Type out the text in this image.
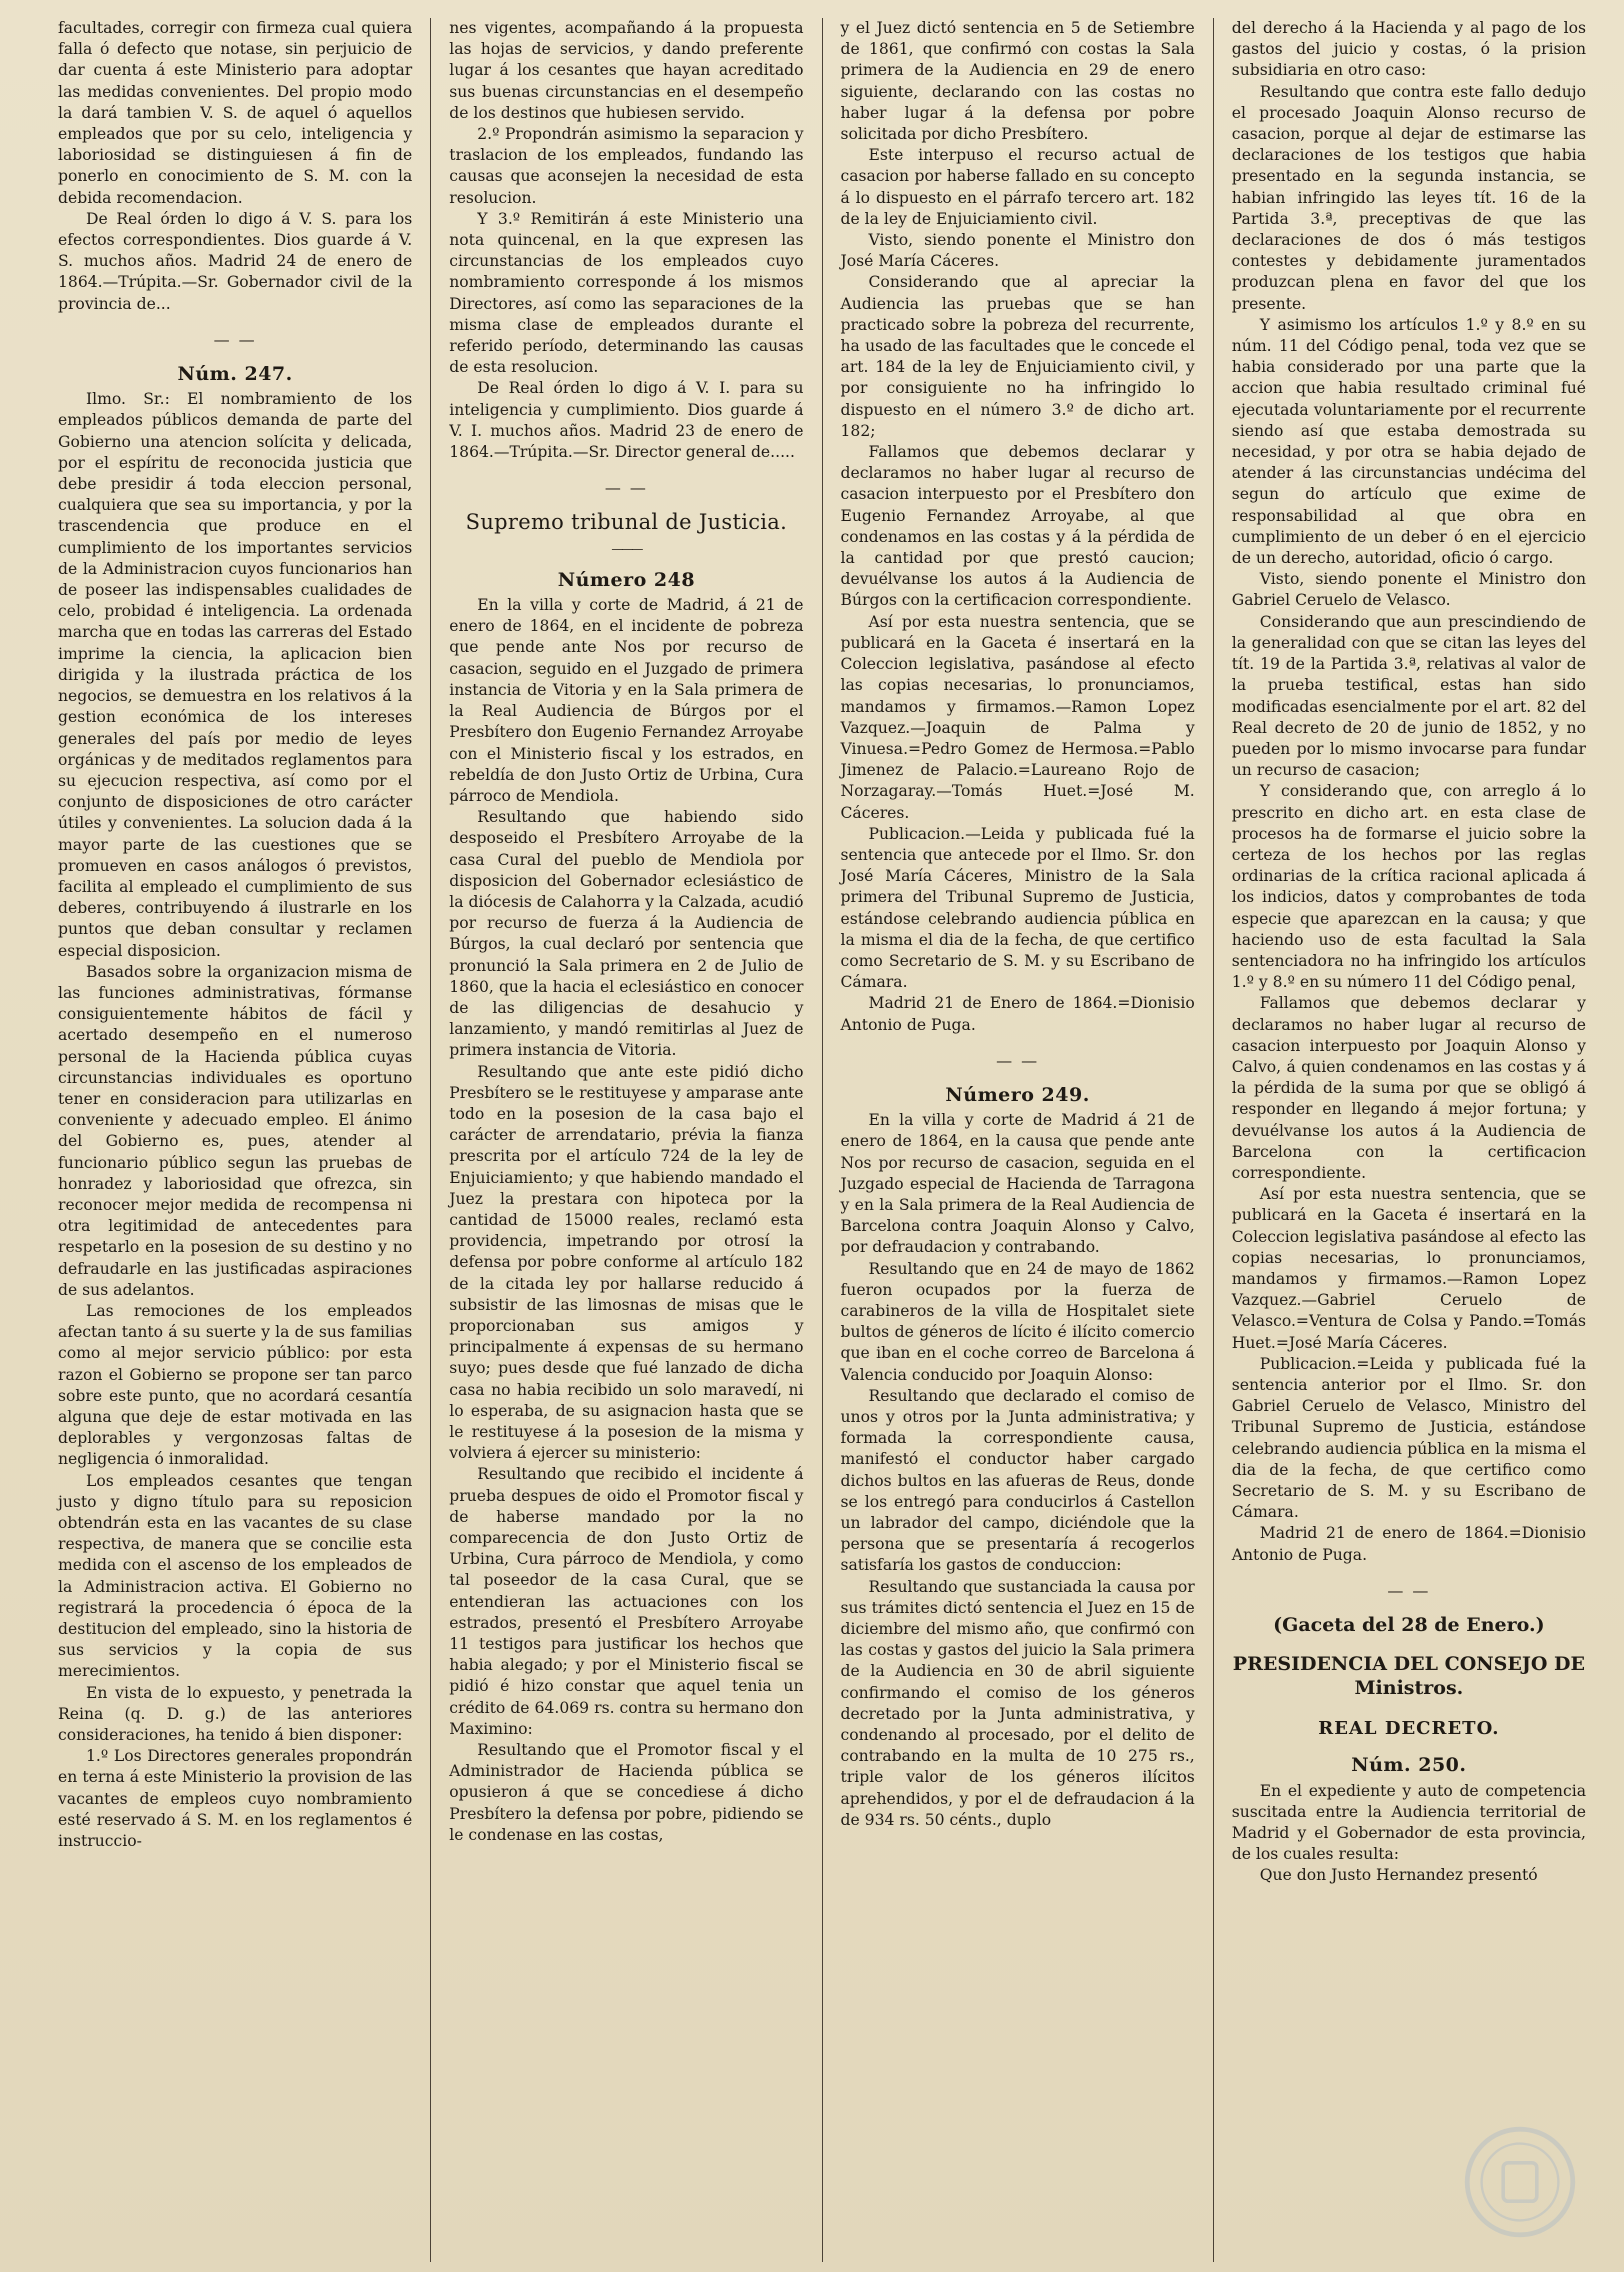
facultades, corregir con firmeza cual quiera falla ó defecto que notase, sin perjuicio de dar cuenta á este Ministerio para adoptar las medidas convenientes. Del propio modo la dará tambien V. S. de aquel ó aquellos empleados que por su celo, inteligencia y laboriosidad se distinguiesen á fin de ponerlo en conocimiento de S. M. con la debida recomendacion.

De Real órden lo digo á V. S. para los efectos correspondientes. Dios guarde á V. S. muchos años. Madrid 24 de enero de 1864.—Trúpita.—Sr. Gobernador civil de la provincia de...

— —
Núm. 247.

Ilmo. Sr.: El nombramiento de los empleados públicos demanda de parte del Gobierno una atencion solícita y delicada, por el espíritu de reconocida justicia que debe presidir á toda eleccion personal, cualquiera que sea su importancia, y por la trascendencia que produce en el cumplimiento de los importantes servicios de la Administracion cuyos funcionarios han de poseer las indispensables cualidades de celo, probidad é inteligencia. La ordenada marcha que en todas las carreras del Estado imprime la ciencia, la aplicacion bien dirigida y la ilustrada práctica de los negocios, se demuestra en los relativos á la gestion económica de los intereses generales del país por medio de leyes orgánicas y de meditados reglamentos para su ejecucion respectiva, así como por el conjunto de disposiciones de otro carácter útiles y convenientes. La solucion dada á la mayor parte de las cuestiones que se promueven en casos análogos ó previstos, facilita al empleado el cumplimiento de sus deberes, contribuyendo á ilustrarle en los puntos que deban consultar y reclamen especial disposicion.

Basados sobre la organizacion misma de las funciones administrativas, fórmanse consiguientemente hábitos de fácil y acertado desempeño en el numeroso personal de la Hacienda pública cuyas circunstancias individuales es oportuno tener en consideracion para utilizarlas en conveniente y adecuado empleo. El ánimo del Gobierno es, pues, atender al funcionario público segun las pruebas de honradez y laboriosidad que ofrezca, sin reconocer mejor medida de recompensa ni otra legitimidad de antecedentes para respetarlo en la posesion de su destino y no defraudarle en las justificadas aspiraciones de sus adelantos.

Las remociones de los empleados afectan tanto á su suerte y la de sus familias como al mejor servicio público: por esta razon el Gobierno se propone ser tan parco sobre este punto, que no acordará cesantía alguna que deje de estar motivada en las deplorables y vergonzosas faltas de negligencia ó inmoralidad.

Los empleados cesantes que tengan justo y digno título para su reposicion obtendrán esta en las vacantes de su clase respectiva, de manera que se concilie esta medida con el ascenso de los empleados de la Administracion activa. El Gobierno no registrará la procedencia ó época de la destitucion del empleado, sino la historia de sus servicios y la copia de sus merecimientos.

En vista de lo expuesto, y penetrada la Reina (q. D. g.) de las anteriores consideraciones, ha tenido á bien disponer:

1.º Los Directores generales propondrán en terna á este Ministerio la provision de las vacantes de empleos cuyo nombramiento esté reservado á S. M. en los reglamentos é instruccio-

nes vigentes, acompañando á la propuesta las hojas de servicios, y dando preferente lugar á los cesantes que hayan acreditado sus buenas circunstancias en el desempeño de los destinos que hubiesen servido.

2.º Propondrán asimismo la separacion y traslacion de los empleados, fundando las causas que aconsejen la necesidad de esta resolucion.

Y 3.º Remitirán á este Ministerio una nota quincenal, en la que expresen las circunstancias de los empleados cuyo nombramiento corresponde á los mismos Directores, así como las separaciones de la misma clase de empleados durante el referido período, determinando las causas de esta resolucion.

De Real órden lo digo á V. I. para su inteligencia y cumplimiento. Dios guarde á V. I. muchos años. Madrid 23 de enero de 1864.—Trúpita.—Sr. Director general de.....

— —
Supremo tribunal de Justicia.
———
Número 248

En la villa y corte de Madrid, á 21 de enero de 1864, en el incidente de pobreza que pende ante Nos por recurso de casacion, seguido en el Juzgado de primera instancia de Vitoria y en la Sala primera de la Real Audiencia de Búrgos por el Presbítero don Eugenio Fernandez Arroyabe con el Ministerio fiscal y los estrados, en rebeldía de don Justo Ortiz de Urbina, Cura párroco de Mendiola.

Resultando que habiendo sido desposeido el Presbítero Arroyabe de la casa Cural del pueblo de Mendiola por disposicion del Gobernador eclesiástico de la diócesis de Calahorra y la Calzada, acudió por recurso de fuerza á la Audiencia de Búrgos, la cual declaró por sentencia que pronunció la Sala primera en 2 de Julio de 1860, que la hacia el eclesiástico en conocer de las diligencias de desahucio y lanzamiento, y mandó remitirlas al Juez de primera instancia de Vitoria.

Resultando que ante este pidió dicho Presbítero se le restituyese y amparase ante todo en la posesion de la casa bajo el carácter de arrendatario, prévia la fianza prescrita por el artículo 724 de la ley de Enjuiciamiento; y que habiendo mandado el Juez la prestara con hipoteca por la cantidad de 15000 reales, reclamó esta providencia, impetrando por otrosí la defensa por pobre conforme al artículo 182 de la citada ley por hallarse reducido á subsistir de las limosnas de misas que le proporcionaban sus amigos y principalmente á expensas de su hermano suyo; pues desde que fué lanzado de dicha casa no habia recibido un solo maravedí, ni lo esperaba, de su asignacion hasta que se le restituyese á la posesion de la misma y volviera á ejercer su ministerio:

Resultando que recibido el incidente á prueba despues de oido el Promotor fiscal y de haberse mandado por la no comparecencia de don Justo Ortiz de Urbina, Cura párroco de Mendiola, y como tal poseedor de la casa Cural, que se entendieran las actuaciones con los estrados, presentó el Presbítero Arroyabe 11 testigos para justificar los hechos que habia alegado; y por el Ministerio fiscal se pidió é hizo constar que aquel tenia un crédito de 64.069 rs. contra su hermano don Maximino:

Resultando que el Promotor fiscal y el Administrador de Hacienda pública se opusieron á que se concediese á dicho Presbítero la defensa por pobre, pidiendo se le condenase en las costas,

y el Juez dictó sentencia en 5 de Setiembre de 1861, que confirmó con costas la Sala primera de la Audiencia en 29 de enero siguiente, declarando con las costas no haber lugar á la defensa por pobre solicitada por dicho Presbítero.

Este interpuso el recurso actual de casacion por haberse fallado en su concepto á lo dispuesto en el párrafo tercero art. 182 de la ley de Enjuiciamiento civil.

Visto, siendo ponente el Ministro don José María Cáceres.

Considerando que al apreciar la Audiencia las pruebas que se han practicado sobre la pobreza del recurrente, ha usado de las facultades que le concede el art. 184 de la ley de Enjuiciamiento civil, y por consiguiente no ha infringido lo dispuesto en el número 3.º de dicho art. 182;

Fallamos que debemos declarar y declaramos no haber lugar al recurso de casacion interpuesto por el Presbítero don Eugenio Fernandez Arroyabe, al que condenamos en las costas y á la pérdida de la cantidad por que prestó caucion; devuélvanse los autos á la Audiencia de Búrgos con la certificacion correspondiente.

Así por esta nuestra sentencia, que se publicará en la Gaceta é insertará en la Coleccion legislativa, pasándose al efecto las copias necesarias, lo pronunciamos, mandamos y firmamos.—Ramon Lopez Vazquez.—Joaquin de Palma y Vinuesa.=Pedro Gomez de Hermosa.=Pablo Jimenez de Palacio.=Laureano Rojo de Norzagaray.—Tomás Huet.=José M. Cáceres.

Publicacion.—Leida y publicada fué la sentencia que antecede por el Ilmo. Sr. don José María Cáceres, Ministro de la Sala primera del Tribunal Supremo de Justicia, estándose celebrando audiencia pública en la misma el dia de la fecha, de que certifico como Secretario de S. M. y su Escribano de Cámara.

Madrid 21 de Enero de 1864.=Dionisio Antonio de Puga.

— —
Número 249.

En la villa y corte de Madrid á 21 de enero de 1864, en la causa que pende ante Nos por recurso de casacion, seguida en el Juzgado especial de Hacienda de Tarragona y en la Sala primera de la Real Audiencia de Barcelona contra Joaquin Alonso y Calvo, por defraudacion y contrabando.

Resultando que en 24 de mayo de 1862 fueron ocupados por la fuerza de carabineros de la villa de Hospitalet siete bultos de géneros de lícito é ilícito comercio que iban en el coche correo de Barcelona á Valencia conducido por Joaquin Alonso:

Resultando que declarado el comiso de unos y otros por la Junta administrativa; y formada la correspondiente causa, manifestó el conductor haber cargado dichos bultos en las afueras de Reus, donde se los entregó para conducirlos á Castellon un labrador del campo, diciéndole que la persona que se presentaría á recogerlos satisfaría los gastos de conduccion:

Resultando que sustanciada la causa por sus trámites dictó sentencia el Juez en 15 de diciembre del mismo año, que confirmó con las costas y gastos del juicio la Sala primera de la Audiencia en 30 de abril siguiente confirmando el comiso de los géneros decretado por la Junta administrativa, y condenando al procesado, por el delito de contrabando en la multa de 10 275 rs., triple valor de los géneros ilícitos aprehendidos, y por el de defraudacion á la de 934 rs. 50 cénts., duplo

del derecho á la Hacienda y al pago de los gastos del juicio y costas, ó la prision subsidiaria en otro caso:

Resultando que contra este fallo dedujo el procesado Joaquin Alonso recurso de casacion, porque al dejar de estimarse las declaraciones de los testigos que habia presentado en la segunda instancia, se habian infringido las leyes tít. 16 de la Partida 3.ª, preceptivas de que las declaraciones de dos ó más testigos contestes y debidamente juramentados produzcan plena en favor del que los presente.

Y asimismo los artículos 1.º y 8.º en su núm. 11 del Código penal, toda vez que se habia considerado por una parte que la accion que habia resultado criminal fué ejecutada voluntariamente por el recurrente siendo así que estaba demostrada su necesidad, y por otra se habia dejado de atender á las circunstancias undécima del segun do artículo que exime de responsabilidad al que obra en cumplimiento de un deber ó en el ejercicio de un derecho, autoridad, oficio ó cargo.

Visto, siendo ponente el Ministro don Gabriel Ceruelo de Velasco.

Considerando que aun prescindiendo de la generalidad con que se citan las leyes del tít. 19 de la Partida 3.ª, relativas al valor de la prueba testifical, estas han sido modificadas esencialmente por el art. 82 del Real decreto de 20 de junio de 1852, y no pueden por lo mismo invocarse para fundar un recurso de casacion;

Y considerando que, con arreglo á lo prescrito en dicho art. en esta clase de procesos ha de formarse el juicio sobre la certeza de los hechos por las reglas ordinarias de la crítica racional aplicada á los indicios, datos y comprobantes de toda especie que aparezcan en la causa; y que haciendo uso de esta facultad la Sala sentenciadora no ha infringido los artículos 1.º y 8.º en su número 11 del Código penal,

Fallamos que debemos declarar y declaramos no haber lugar al recurso de casacion interpuesto por Joaquin Alonso y Calvo, á quien condenamos en las costas y á la pérdida de la suma por que se obligó á responder en llegando á mejor fortuna; y devuélvanse los autos á la Audiencia de Barcelona con la certificacion correspondiente.

Así por esta nuestra sentencia, que se publicará en la Gaceta é insertará en la Coleccion legislativa pasándose al efecto las copias necesarias, lo pronunciamos, mandamos y firmamos.—Ramon Lopez Vazquez.—Gabriel Ceruelo de Velasco.=Ventura de Colsa y Pando.=Tomás Huet.=José María Cáceres.

Publicacion.=Leida y publicada fué la sentencia anterior por el Ilmo. Sr. don Gabriel Ceruelo de Velasco, Ministro del Tribunal Supremo de Justicia, estándose celebrando audiencia pública en la misma el dia de la fecha, de que certifico como Secretario de S. M. y su Escribano de Cámara.

Madrid 21 de enero de 1864.=Dionisio Antonio de Puga.

— —
(Gaceta del 28 de Enero.)
PRESIDENCIA DEL CONSEJO DE Ministros.
REAL DECRETO.
Núm. 250.

En el expediente y auto de competencia suscitada entre la Audiencia territorial de Madrid y el Gobernador de esta provincia, de los cuales resulta:

Que don Justo Hernandez presentó
